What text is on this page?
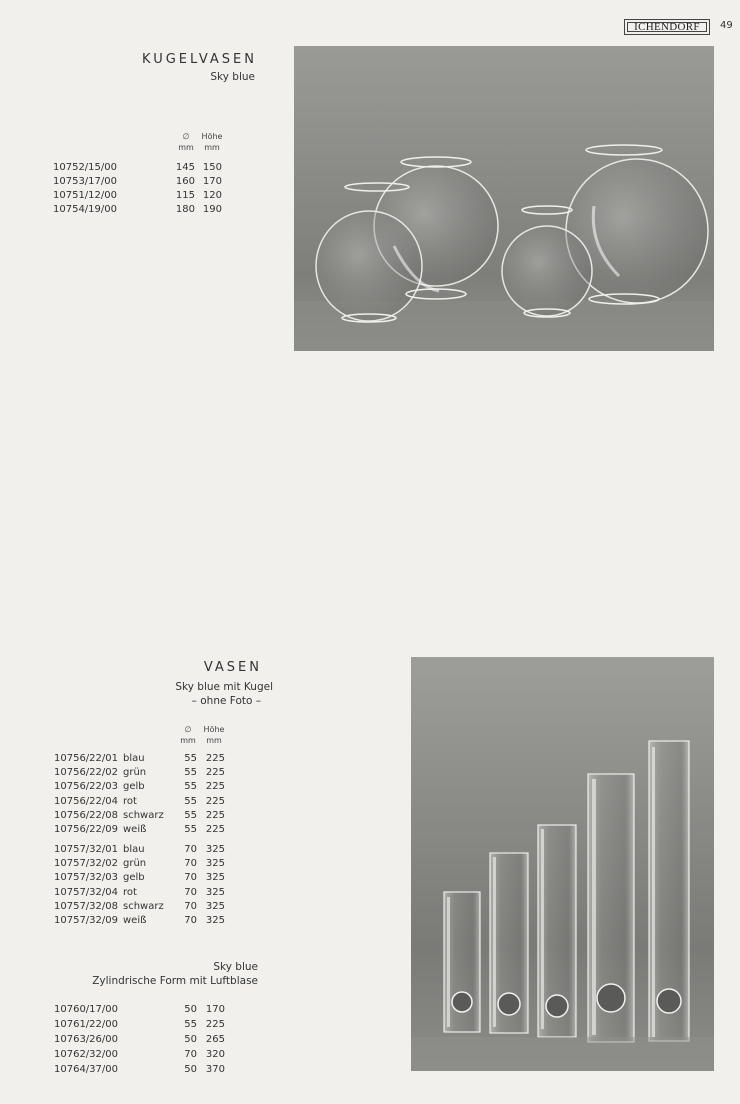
ICHENDORF	49
KUGELVASEN
Sky blue
∅
mm
Höhe
mm
10752/15/00	145 150
10753/17/00	160 170
10751/12/00	115 120
10754/19/00	180 190
VASEN
Sky blue mit Kugel
– ohne Foto –
∅
mm
Höhe
mm
10756/22/01 blau	55 225
10756/22/02 grün	55 225
10756/22/03 gelb	55 225
10756/22/04 rot	55 225
10756/22/08 schwarz 55 225
10756/22/09 weiß	55 225
10757/32/01 blau	70 325
10757/32/02 grün	70 325
10757/32/03 gelb	70 325
10757/32/04 rot	70 325
10757/32/08 schwarz 70 325
10757/32/09 weiß	70 325
Sky blue
Zylindrische Form mit Luftblase
10760/17/00	50 170
10761/22/00	55 225
10763/26/00	50 265
10762/32/00	70 320
10764/37/00	50 370
